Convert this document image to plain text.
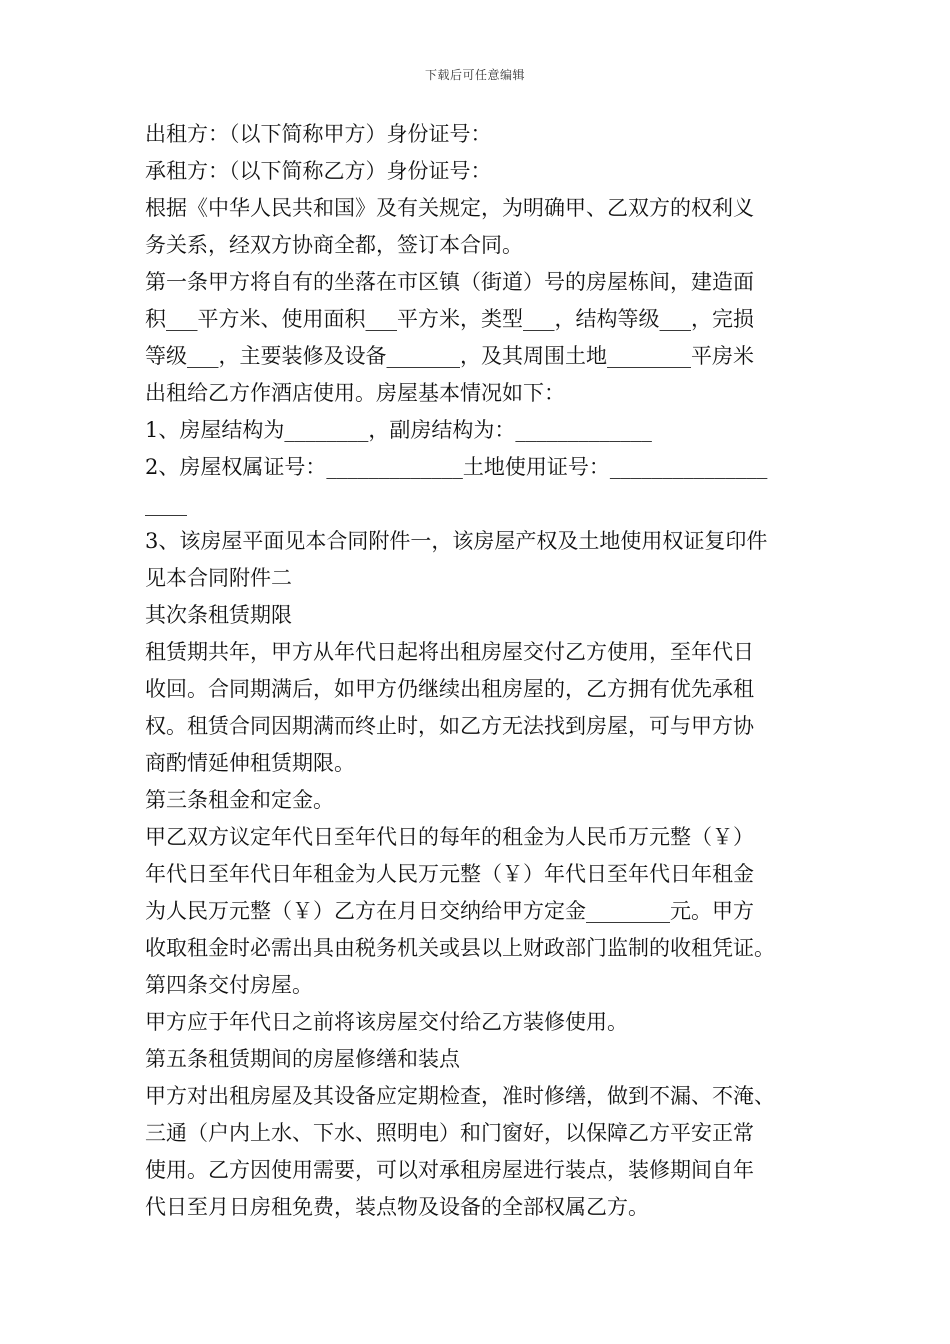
下载后可任意编辑
出租方：（以下简称甲方）身份证号：
承租方：（以下简称乙方）身份证号：
根据《中华人民共和国》及有关规定，为明确甲、乙双方的权利义
务关系，经双方协商全都，签订本合同。
第一条甲方将自有的坐落在市区镇（街道）号的房屋栋间，建造面
积___平方米、使用面积___平方米，类型___，结构等级___，完损
等级___，主要装修及设备_______，及其周围土地________平房米
出租给乙方作酒店使用。房屋基本情况如下：
1、房屋结构为________，副房结构为：_____________
2、房屋权属证号：_____________土地使用证号：_______________
____
3、该房屋平面见本合同附件一，该房屋产权及土地使用权证复印件
见本合同附件二
其次条租赁期限
租赁期共年，甲方从年代日起将出租房屋交付乙方使用，至年代日
收回。合同期满后，如甲方仍继续出租房屋的，乙方拥有优先承租
权。租赁合同因期满而终止时，如乙方无法找到房屋，可与甲方协
商酌情延伸租赁期限。
第三条租金和定金。
甲乙双方议定年代日至年代日的每年的租金为人民币万元整（￥）
年代日至年代日年租金为人民万元整（￥）年代日至年代日年租金
为人民万元整（￥）乙方在月日交纳给甲方定金________元。甲方
收取租金时必需出具由税务机关或县以上财政部门监制的收租凭证。
第四条交付房屋。
甲方应于年代日之前将该房屋交付给乙方装修使用。
第五条租赁期间的房屋修缮和装点
甲方对出租房屋及其设备应定期检查，准时修缮，做到不漏、不淹、
三通（户内上水、下水、照明电）和门窗好，以保障乙方平安正常
使用。乙方因使用需要，可以对承租房屋进行装点，装修期间自年
代日至月日房租免费，装点物及设备的全部权属乙方。
